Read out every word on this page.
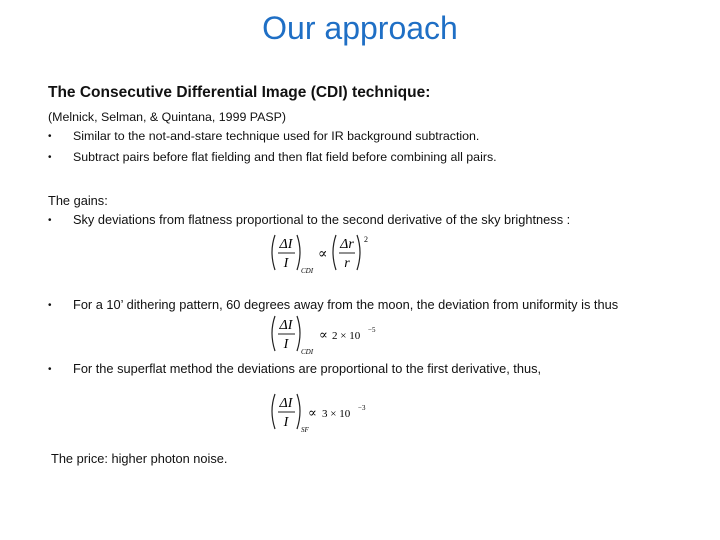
Our approach
The Consecutive Differential Image (CDI) technique:
(Melnick, Selman, & Quintana, 1999 PASP)
• Similar to the not-and-stare technique used for IR background subtraction.
• Subtract pairs before flat fielding and then flat field before combining all pairs.
The gains:
• Sky deviations from flatness proportional to the second derivative of the sky brightness :
ΔI
I CDI
∝
Δr
r
2
• For a 10’ dithering pattern, 60 degrees away from the moon, the deviation from uniformity is thus
ΔI
I CDI
∝ 2 × 10 −5
• For the superflat method the deviations are proportional to the first derivative, thus,
ΔI
I SF
∝ 3 × 10 −3
The price: higher photon noise.
